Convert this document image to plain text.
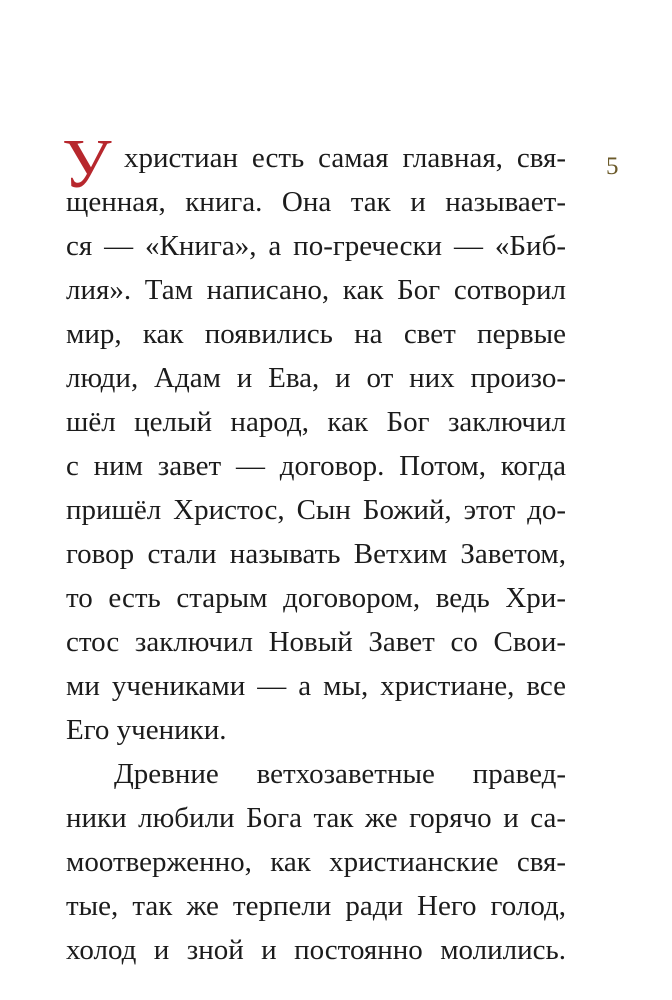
5
У христиан есть самая главная, свя-
щенная, книга. Она так и называет-
ся — «Книга», а по-гречески — «Биб-
лия». Там написано, как Бог сотворил
мир, как появились на свет первые
люди, Адам и Ева, и от них произо-
шёл целый народ, как Бог заключил
с ним завет — договор. Потом, когда
пришёл Христос, Сын Божий, этот до-
говор стали называть Ветхим Заветом,
то есть старым договором, ведь Хри-
стос заключил Новый Завет со Свои-
ми учениками — а мы, христиане, все
Его ученики.
Древние ветхозаветные правед-
ники любили Бога так же горячо и са-
моотверженно, как христианские свя-
тые, так же терпели ради Него голод,
холод и зной и постоянно молились.
